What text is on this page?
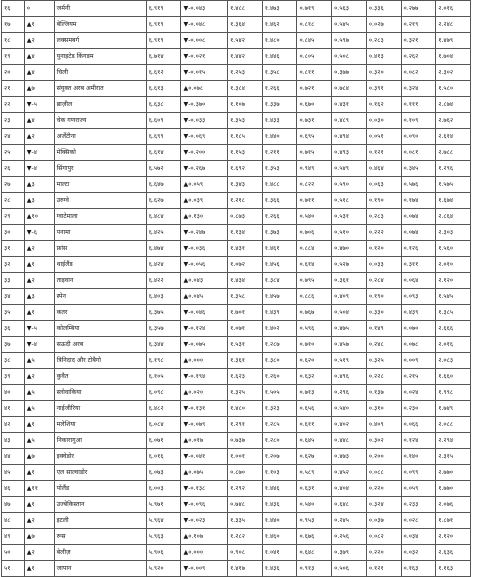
१६	०	जर्मनी	६.९१९	▼-०.०४३	१.४८८	१.४७३	०.७१९	०.५६३	०.३३६	०.२७७	२.०१६
१७	▲१	बेल्जियम	६.९१९	▼-०.०४८	१.३६४	१.४६२	०.८१८	०.५४५	०.०२७	०.२१९	२.२४८
१८	▲२	लक्समबर्ग	६.९१९	▼-०.००८	१.५४२	१.४८०	०.८४५	०.५९७	०.२८३	०.३२१	१.४७९
१९	▲४	युनाइटेड किंगडम	६.७१४	▼-०.०२१	१.४४२	१.४४६	०.८०५	०.५०८	०.४१३	०.२६२	१.७०४
२०	▲४	चिली	६.६१२	▼-०.०१५	१.२५३	१.३५८	०.८११	०.३७७	०.३२०	०.०८२	२.३०२
२१	▲७	संयुक्त अरब अमीरात	६.६१३	▲०.०७८	१.३८४	१.२६६	०.७२१	०.७८४	०.३९१	०.३२४	१.५८०
२२	▼-५	ब्राज़ील	६.६३८	▼-०.३७०	१.१०७	१.३३७	०.६७०	०.४३१	०.१६२	०.१११	२.८७४
२३	▲४	चेक गणराज्य	६.६०९	▼-०.०३३	१.३५३	१.४३३	०.७३१	०.४८९	०.०३०	०.१०९	२.७६२
२४	▲२	अर्जेंटीना	६.६९९	▼-०.०६९	१.१८५	१.४४०	०.६९५	०.४९४	०.०५१	०.०९०	२.६१४
२५	▼-४	मेक्सिको	६.६१४	▼-०.२००	१.१५३	१.२११	०.७१५	०.४९३	०.१२१	०.०८१	२.७८८
२६	▼-४	सिंगापुर	६.५७२	▼-०.२६७	१.६९२	१.३५३	०.९४९	०.५४९	०.४६४	०.३४५	१.२९६
२७	▲३	माल्टा	६.६४७	▲०.०५९	१.३४३	१.४८८	०.८२२	०.५९०	०.०६३	०.५७६	१.५७५
२८	▲३	उरुग्वे	६.६२७	▲०.०३९	१.२१८	१.३६६	०.७११	०.५१८	०.१९०	०.१७४	१.६७४
२९	▲१०	ग्वाटेमाला	६.४८४	▲०.१३०	०.८७३	१.२६६	०.५४०	०.५३१	०.२८३	०.०७४	२.८६४
३०	▼-६	पनामा	६.४२५	▼-०.२४७	१.१३४	१.३७३	०.७०६	०.५१०	०.२२२	०.०७४	२.३०३
३१	▲२	फ्रांस	६.४७४	▼-०.०३६	१.४३१	१.४६१	०.८८४	०.४७०	०.१२०	०.१२६	१.५६०
३२	▲१	थाईलैंड	६.४२४	▼-०.०५६	१.०७२	१.४५६	०.६१४	०.५२७	०.०३३	०.३११	२.०१०
३३	▲२	ताइवान	६.४२२	▲०.०४३	१.४३४	१.३८४	०.७९५	०.३६१	०.२८४	०.०६४	२.१२०
३४	▲३	स्पेन	६.४०३	▲०.०४५	१.३५८	१.४५७	०.८८६	०.४०९	०.१९०	०.०९३	१.५४५
३५	▲१	कतर	६.३७५	▼-०.०४६	१.७०१	१.४३९	०.७६७	०.५०४	०.३३०	०.४३९	१.३८५
३६	▼-५	कोलम्बिया	६.३५७	▼-०.१२४	१.०७१	१.४०२	०.५९६	०.४७५	०.१४९	०.०७०	२.६६६
३७	▼-४	सऊदी अरब	६.३४४	▼-०.०७५	१.५३१	१.२८७	०.७१०	०.४५७	०.२४८	०.०७८	२.०१६
३८	▲५	त्रिनिदाद और टोबैगो	६.१९८	▲०.०००	१.३६१	१.३८०	०.६२०	०.५१९	०.३२५	०.००९	२.०८३
३९	▲२	कुवैत	६.१०५	▼-०.१९४	१.६२३	१.२६०	०.६३२	०.४९६	०.२२८	०.२१५	१.६६०
४०	▲५	स्लोवाकिया	६.०९८	▲०.०२०	१.३२५	१.५०५	०.७१३	०.२९६	०.१३७	०.०२४	१.९९८
४१	▲५	नाईजीरिया	६.४८२	▼-०.१३१	१.४८०	१.३२३	०.६५६	०.५४०	०.३१०	०.२३०	१.७४९
४२	▲१	मलेशिया	६.०८४	▼-०.०७९	१.२९१	१.२८५	०.६११	०.४०२	०.४०९	०.०६६	२.०८८
४३	▲५	निकारागुआ	६.०७१	▲०.०१७	०.७३७	१.२८०	०.६४५	०.४४८	०.३०२	०.१२४	२.२९४
४४	▲७	इक्वेडोर	६.०१६	▼-०.०४१	१.००१	१.२०७	०.६२७	०.४७३	०.२००	०.१४०	२.३१५
४५	▲१	एल साल्वाडोर	६.०७३	▲०.०७५	०.८७०	१.१०३	०.५८९	०.४५२	०.०८८	०.०९९	२.७७०
४६	▲११	पोलैंड	६.००३	▼-०.१३८	१.२९२	१.४४६	०.६३१	०.४०४	०.२२०	०.०५९	१.७७०
४७	▲१	उज्बेकिस्तान	५.९७१	▼-०.०९६	०.७४८	१.४३६	०.५४०	०.६४८	०.३२४	०.२३३	२.०७६
४८	▲२	इटली	५.९६४	▼-०.०२३	१.३३५	१.४४०	०.९५३	०.२४५	०.०३७	०.०२८	१.८७१
४९	▲७	रूस	५.९६३	▲०.१०७	१.२८२	१.४६०	०.६७६	०.२५६	०.०८२	०.०३४	२.१२०
५०	▲२	बेलीज़	५.९०६	▲०.०००	०.९०८	१.०४१	०.६४८	०.३७९	०.२२०	०.०३२	२.६३६
५१	▲१	जापान	५.९२०	▼-०.००९	१.४१७	१.४३६	०.९१३	०.५०६	०.१२१	०.१६३	१.१६३
